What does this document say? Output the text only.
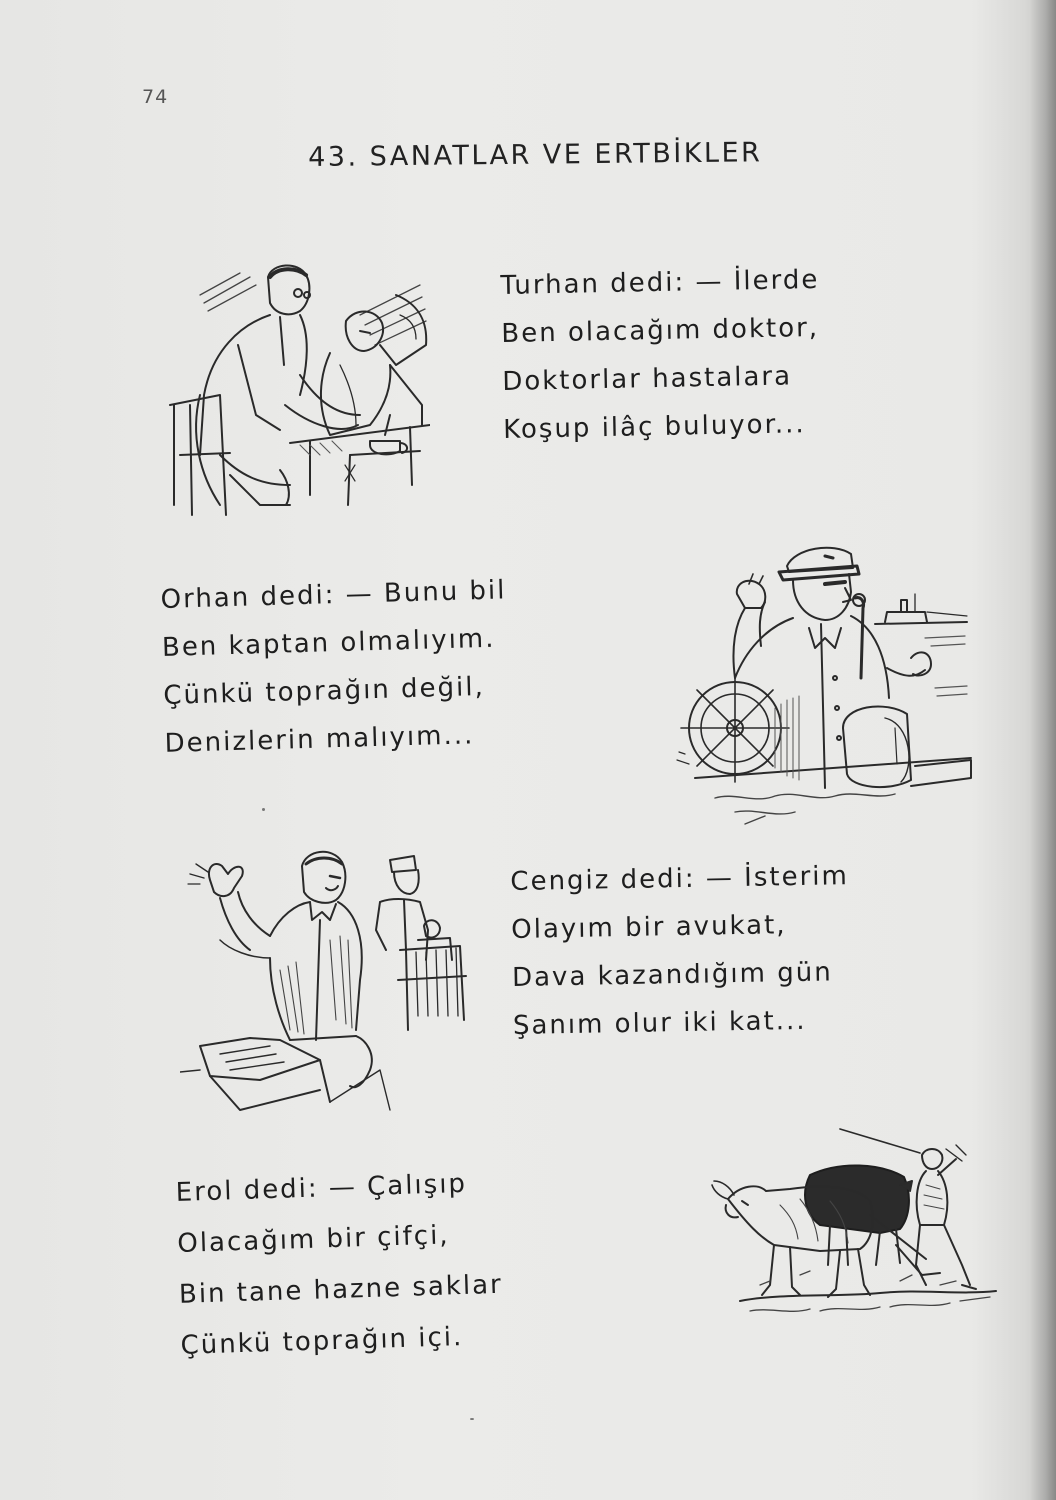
74
43. SANATLAR VE ERTBİKLER
Turhan dedi: — İlerde
Ben olacağım doktor,
Doktorlar hastalara
Koşup ilâç buluyor...
Orhan dedi: — Bunu bil
Ben kaptan olmalıyım.
Çünkü toprağın değil,
Denizlerin malıyım...
Cengiz dedi: — İsterim
Olayım bir avukat,
Dava kazandığım gün
Şanım olur iki kat...
Erol dedi: — Çalışıp
Olacağım bir çifçi,
Bin tane hazne saklar
Çünkü toprağın içi.
